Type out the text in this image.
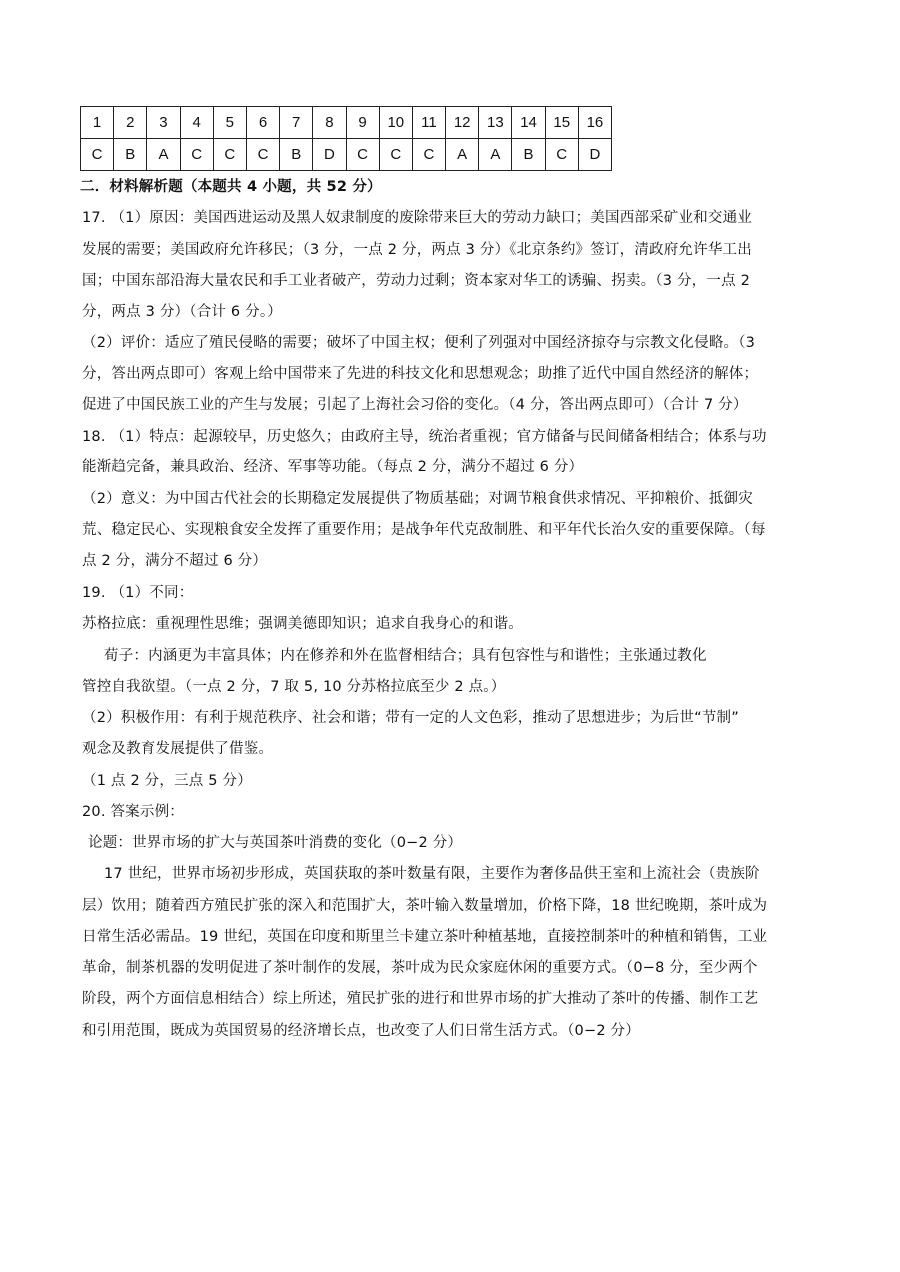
1	2	3	4	5	6	7	8	9	10	11	12	13	14	15	16
C	B	A	C	C	C	B	D	C	C	C	A	A	B	C	D
二．材料解析题（本题共 4 小题，共 52 分）
17. （1）原因：美国西进运动及黑人奴隶制度的废除带来巨大的劳动力缺口；美国西部采矿业和交通业
发展的需要；美国政府允许移民；（3 分，一点 2 分，两点 3 分）《北京条约》签订，清政府允许华工出
国；中国东部沿海大量农民和手工业者破产，劳动力过剩；资本家对华工的诱骗、拐卖。（3 分，一点 2
分，两点 3 分）（合计 6 分。）
（2）评价：适应了殖民侵略的需要；破坏了中国主权；便利了列强对中国经济掠夺与宗教文化侵略。（3
分，答出两点即可）客观上给中国带来了先进的科技文化和思想观念；助推了近代中国自然经济的解体；
促进了中国民族工业的产生与发展；引起了上海社会习俗的变化。（4 分，答出两点即可）（合计 7 分）
18. （1）特点：起源较早，历史悠久；由政府主导，统治者重视；官方储备与民间储备相结合；体系与功
能渐趋完备，兼具政治、经济、军事等功能。（每点 2 分，满分不超过 6 分）
（2）意义：为中国古代社会的长期稳定发展提供了物质基础；对调节粮食供求情况、平抑粮价、抵御灾
荒、稳定民心、实现粮食安全发挥了重要作用；是战争年代克敌制胜、和平年代长治久安的重要保障。（每
点 2 分，满分不超过 6 分）
19. （1）不同：
苏格拉底：重视理性思维；强调美德即知识；追求自我身心的和谐。
荀子：内涵更为丰富具体；内在修养和外在监督相结合；具有包容性与和谐性；主张通过教化
管控自我欲望。（一点 2 分，7 取 5, 10 分苏格拉底至少 2 点。）
（2）积极作用：有利于规范秩序、社会和谐；带有一定的人文色彩，推动了思想进步；为后世“节制”
观念及教育发展提供了借鉴。
（1 点 2 分，三点 5 分）
20. 答案示例：
论题：世界市场的扩大与英国茶叶消费的变化（0−2 分）
17 世纪，世界市场初步形成，英国获取的茶叶数量有限，主要作为奢侈品供王室和上流社会（贵族阶
层）饮用；随着西方殖民扩张的深入和范围扩大，茶叶输入数量增加，价格下降，18 世纪晚期，茶叶成为
日常生活必需品。19 世纪，英国在印度和斯里兰卡建立茶叶种植基地，直接控制茶叶的种植和销售，工业
革命，制茶机器的发明促进了茶叶制作的发展，茶叶成为民众家庭休闲的重要方式。（0−8 分，至少两个
阶段，两个方面信息相结合）综上所述，殖民扩张的进行和世界市场的扩大推动了茶叶的传播、制作工艺
和引用范围，既成为英国贸易的经济增长点，也改变了人们日常生活方式。（0−2 分）
